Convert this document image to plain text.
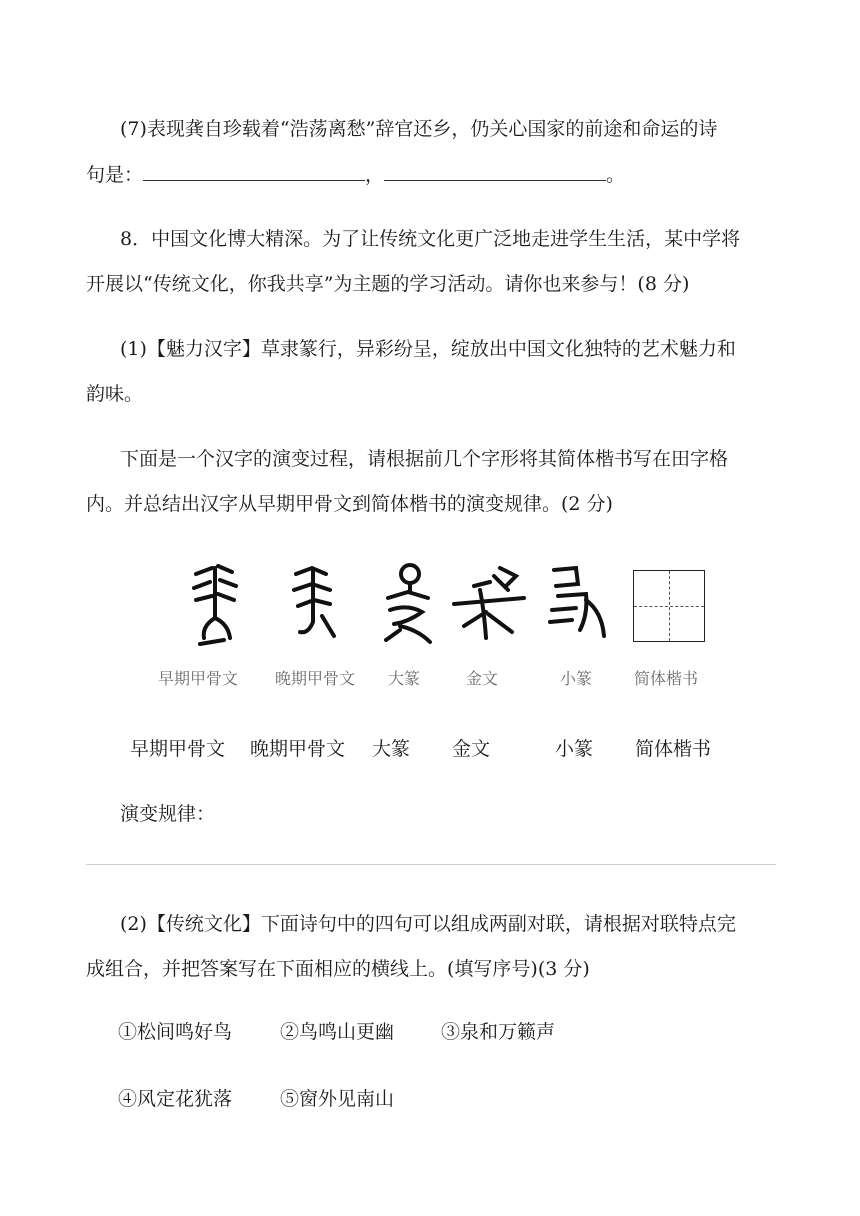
(7)表现龚自珍载着“浩荡离愁”辞官还乡，仍关心国家的前途和命运的诗
句是：	，	。
8．中国文化博大精深。为了让传统文化更广泛地走进学生生活，某中学将
开展以“传统文化，你我共享”为主题的学习活动。请你也来参与！(8 分)
(1)【魅力汉字】草隶篆行，异彩纷呈，绽放出中国文化独特的艺术魅力和
韵味。
下面是一个汉字的演变过程，请根据前几个字形将其简体楷书写在田字格
内。并总结出汉字从早期甲骨文到简体楷书的演变规律。(2 分)
早期甲骨文 晚期甲骨文 大篆	金文	小篆	简体楷书
早期甲骨文 晚期甲骨文 大篆 金文	小篆 简体楷书
演变规律：
(2)【传统文化】下面诗句中的四句可以组成两副对联，请根据对联特点完
成组合，并把答案写在下面相应的横线上。(填写序号)(3 分)
①松间鸣好鸟	②鸟鸣山更幽 ③泉和万籁声
④风定花犹落	⑤窗外见南山
